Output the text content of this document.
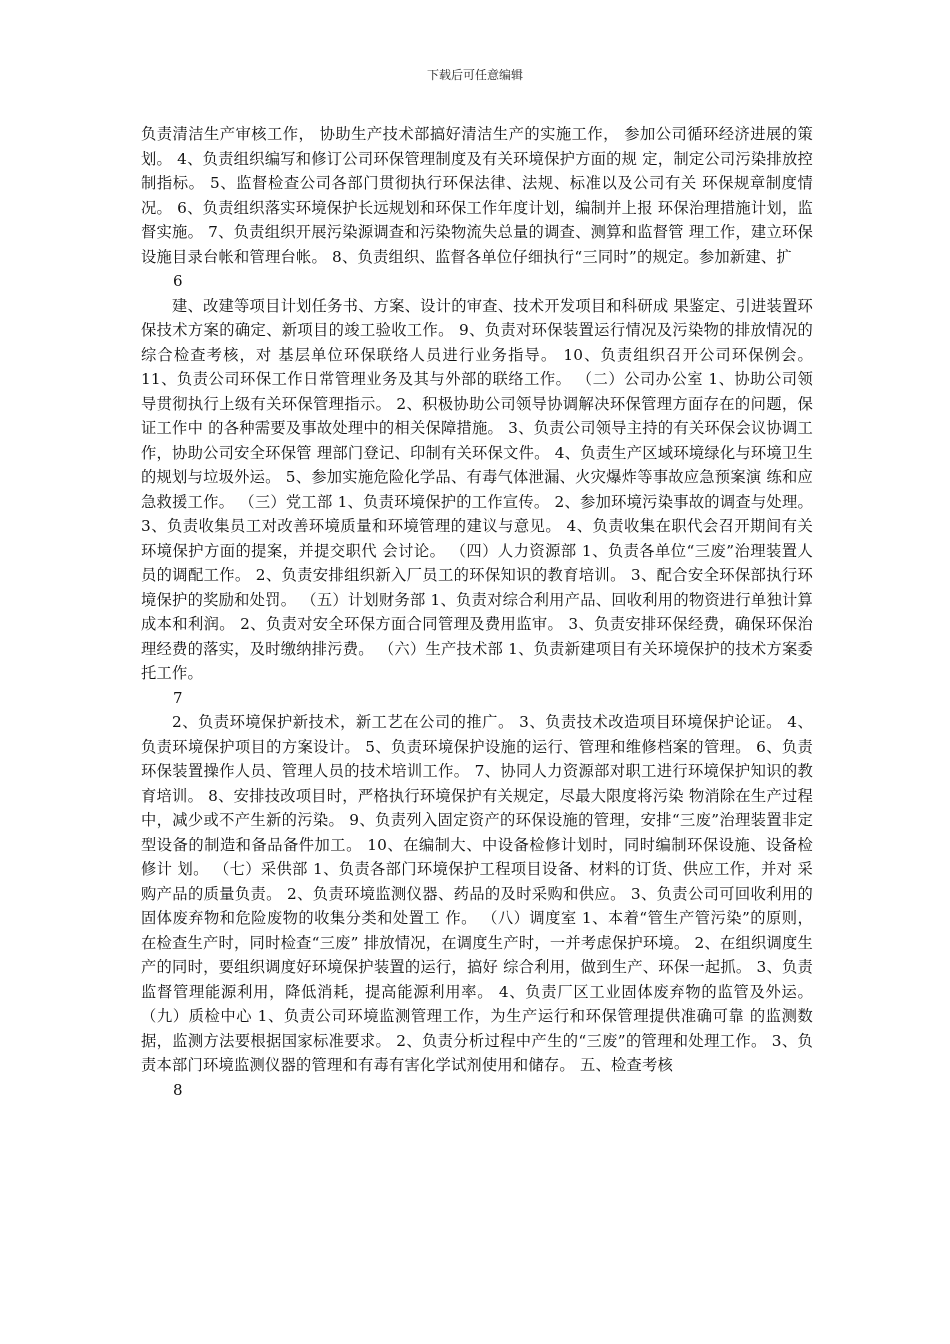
下载后可任意编辑

负责清洁生产审核工作， 协助生产技术部搞好清洁生产的实施工作， 参加公司循环经济进展的策划。 4、负责组织编写和修订公司环保管理制度及有关环境保护方面的规 定，制定公司污染排放控制指标。 5、监督检查公司各部门贯彻执行环保法律、法规、标准以及公司有关 环保规章制度情况。 6、负责组织落实环境保护长远规划和环保工作年度计划，编制并上报 环保治理措施计划，监督实施。 7、负责组织开展污染源调查和污染物流失总量的调查、测算和监督管 理工作，建立环保设施目录台帐和管理台帐。 8、负责组织、监督各单位仔细执行“三同时”的规定。参加新建、扩

6

建、改建等项目计划任务书、方案、设计的审查、技术开发项目和科研成 果鉴定、引进装置环保技术方案的确定、新项目的竣工验收工作。 9、负责对环保装置运行情况及污染物的排放情况的综合检查考核，对 基层单位环保联络人员进行业务指导。 10、负责组织召开公司环保例会。 11、负责公司环保工作日常管理业务及其与外部的联络工作。 （二）公司办公室 1、协助公司领导贯彻执行上级有关环保管理指示。 2、积极协助公司领导协调解决环保管理方面存在的问题，保证工作中 的各种需要及事故处理中的相关保障措施。 3、负责公司领导主持的有关环保会议协调工作，协助公司安全环保管 理部门登记、印制有关环保文件。 4、负责生产区域环境绿化与环境卫生的规划与垃圾外运。 5、参加实施危险化学品、有毒气体泄漏、火灾爆炸等事故应急预案演 练和应急救援工作。 （三）党工部 1、负责环境保护的工作宣传。 2、参加环境污染事故的调查与处理。 3、负责收集员工对改善环境质量和环境管理的建议与意见。 4、负责收集在职代会召开期间有关环境保护方面的提案，并提交职代 会讨论。 （四）人力资源部 1、负责各单位“三废”治理装置人员的调配工作。 2、负责安排组织新入厂员工的环保知识的教育培训。 3、配合安全环保部执行环境保护的奖励和处罚。 （五）计划财务部 1、负责对综合利用产品、回收利用的物资进行单独计算成本和利润。 2、负责对安全环保方面合同管理及费用监审。 3、负责安排环保经费，确保环保治理经费的落实，及时缴纳排污费。 （六）生产技术部 1、负责新建项目有关环境保护的技术方案委托工作。

7

2、负责环境保护新技术，新工艺在公司的推广。 3、负责技术改造项目环境保护论证。 4、负责环境保护项目的方案设计。 5、负责环境保护设施的运行、管理和维修档案的管理。 6、负责环保装置操作人员、管理人员的技术培训工作。 7、协同人力资源部对职工进行环境保护知识的教育培训。 8、安排技改项目时，严格执行环境保护有关规定，尽最大限度将污染 物消除在生产过程中，减少或不产生新的污染。 9、负责列入固定资产的环保设施的管理，安排“三废”治理装置非定 型设备的制造和备品备件加工。 10、在编制大、中设备检修计划时，同时编制环保设施、设备检修计 划。 （七）采供部 1、负责各部门环境保护工程项目设备、材料的订货、供应工作，并对 采购产品的质量负责。 2、负责环境监测仪器、药品的及时采购和供应。 3、负责公司可回收利用的固体废弃物和危险废物的收集分类和处置工 作。 （八）调度室 1、本着“管生产管污染”的原则，在检查生产时，同时检查“三废” 排放情况，在调度生产时，一并考虑保护环境。 2、在组织调度生产的同时，要组织调度好环境保护装置的运行，搞好 综合利用，做到生产、环保一起抓。 3、负责监督管理能源利用，降低消耗，提高能源利用率。 4、负责厂区工业固体废弃物的监管及外运。 （九）质检中心 1、负责公司环境监测管理工作，为生产运行和环保管理提供准确可靠 的监测数据，监测方法要根据国家标准要求。 2、负责分析过程中产生的“三废”的管理和处理工作。 3、负责本部门环境监测仪器的管理和有毒有害化学试剂使用和储存。 五、检查考核

8
